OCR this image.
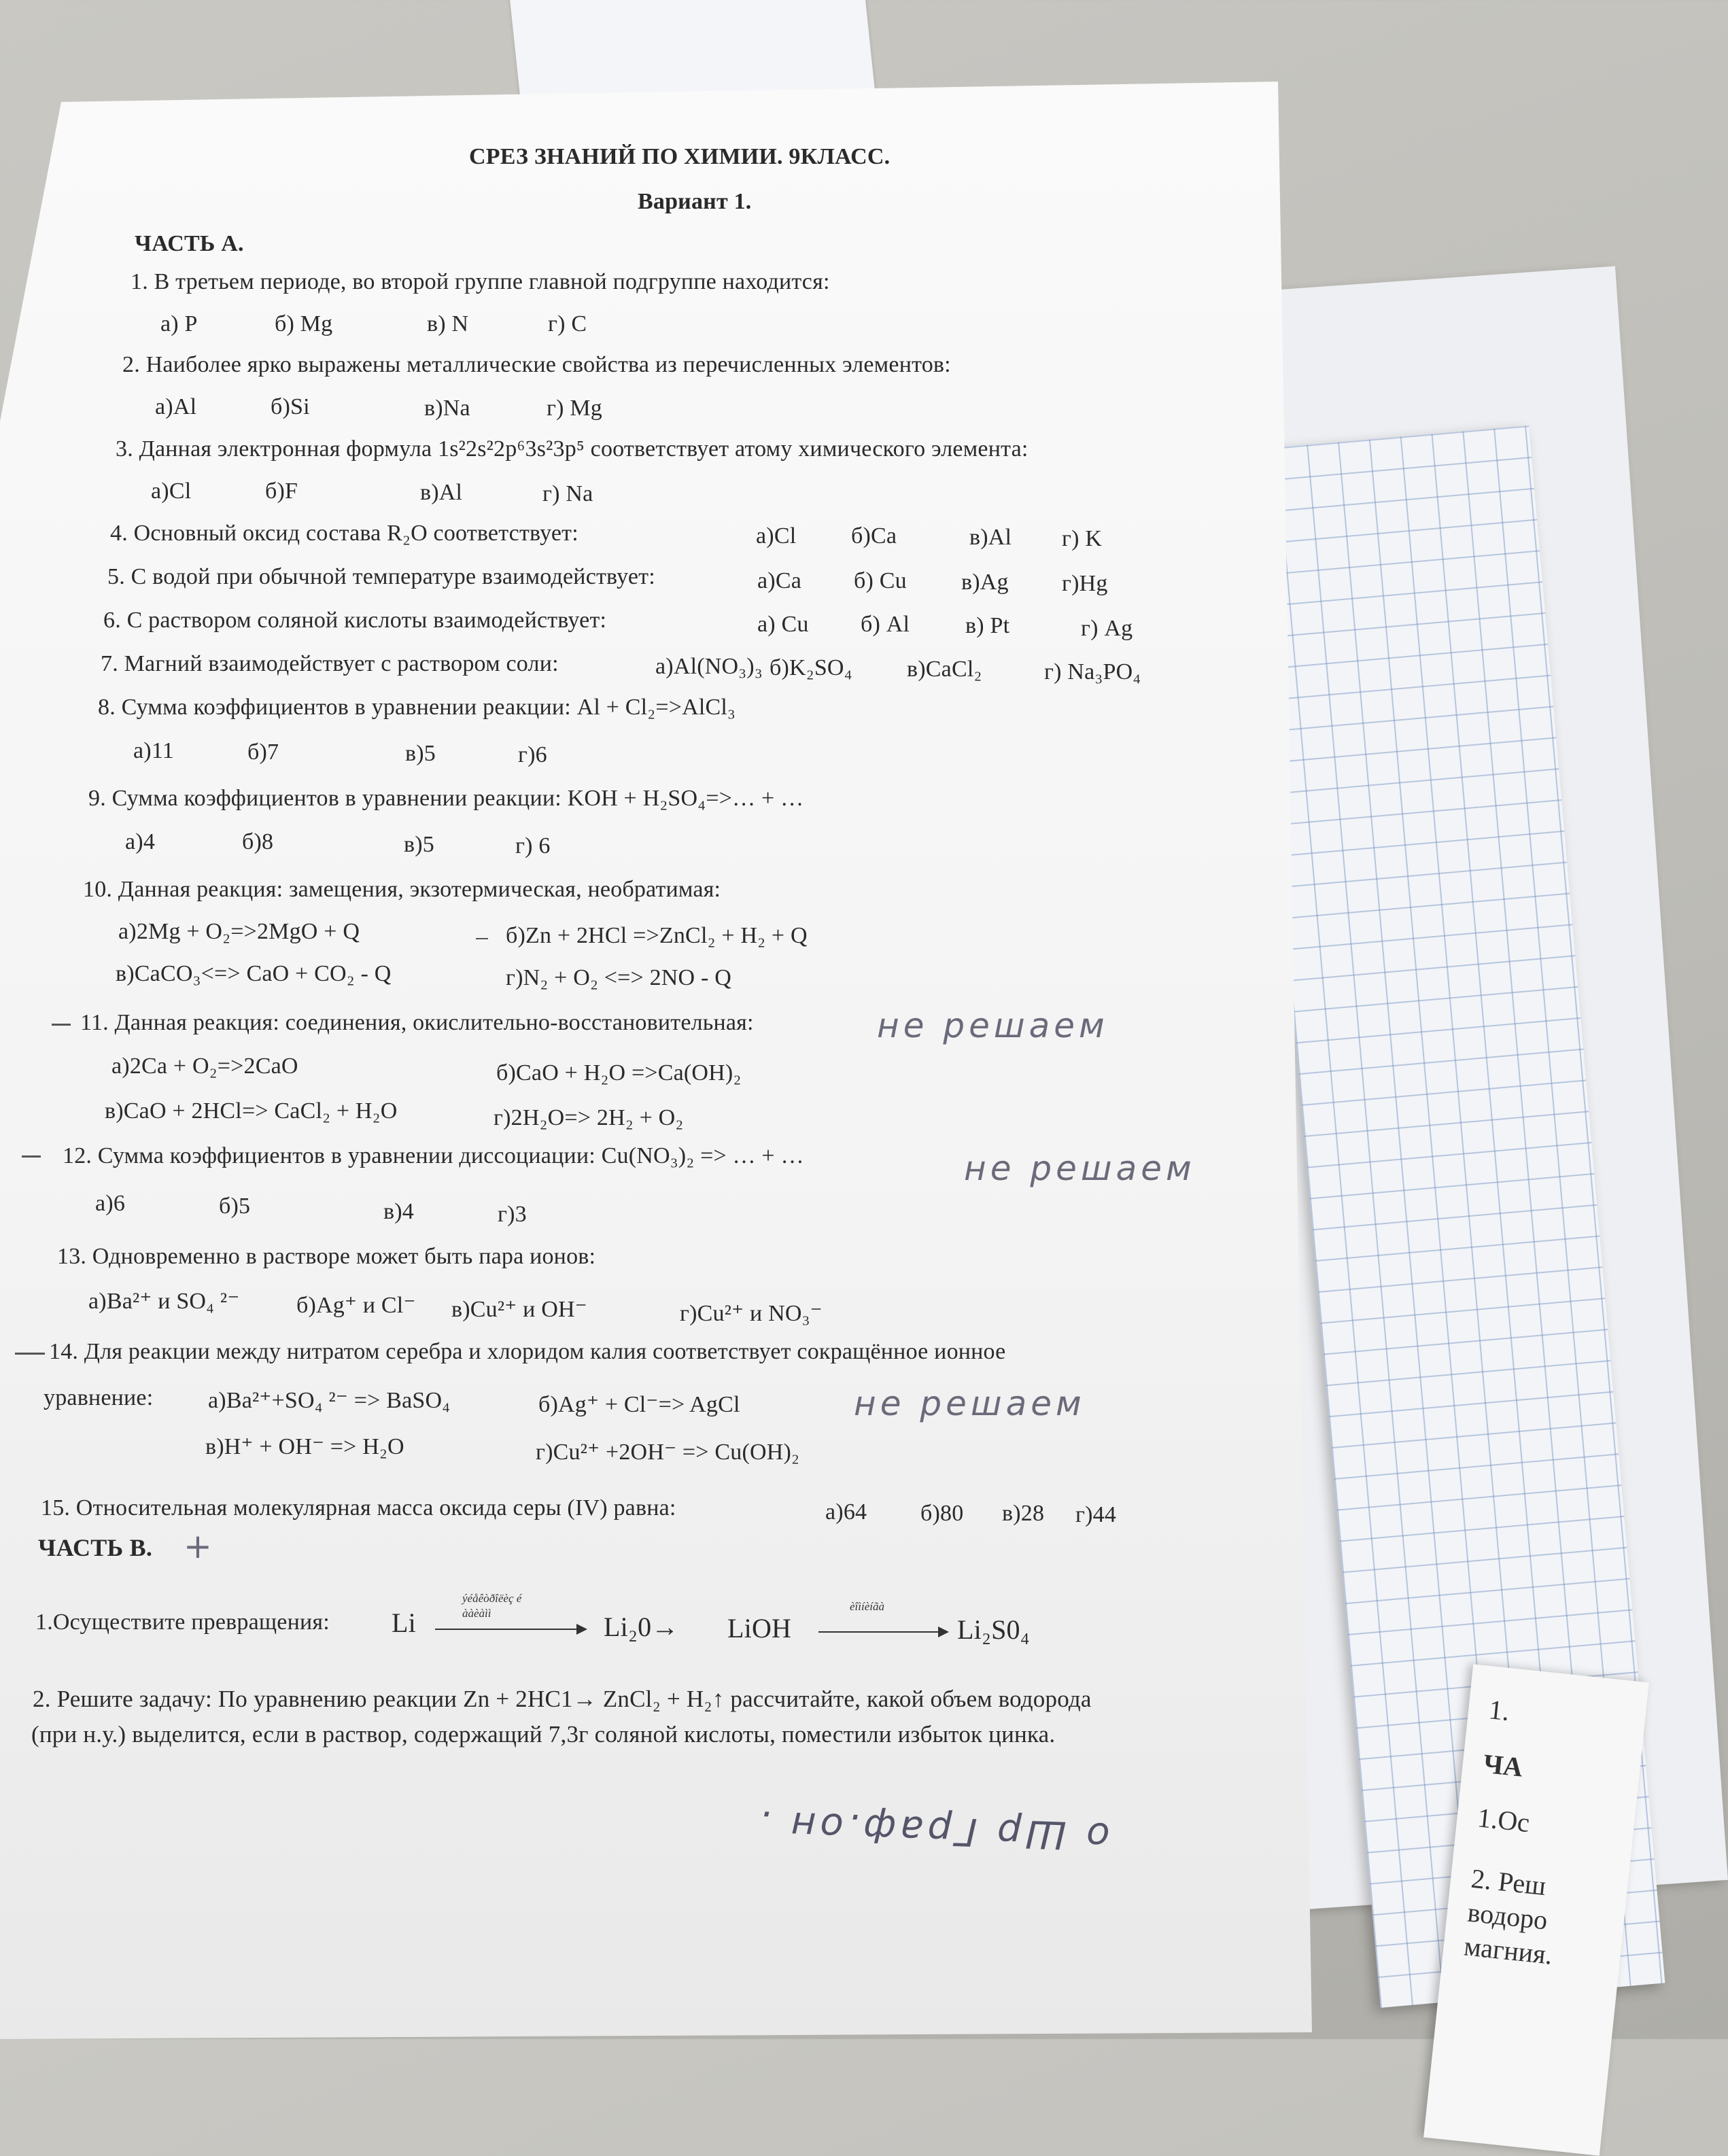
1.
ЧА
1.Ос
2. Реш
водоро
магния.
СРЕЗ ЗНАНИЙ ПО ХИМИИ. 9КЛАСС.
Вариант 1.
ЧАСТЬ А.
1. В третьем периоде, во второй группе главной подгруппе находится:
а) P	б) Mg	в) N	г) C
2. Наиболее ярко выражены металлические свойства из перечисленных элементов:
а)Al	б)Si	в)Na	г) Mg
3. Данная электронная формула 1s²2s²2p⁶3s²3p⁵ соответствует атому химического элемента:
а)Cl	б)F	в)Al	г) Na
4. Основный оксид состава R₂O соответствует:	а)Cl б)Ca	в)Al г) K
5. С водой при обычной температуре взаимодействует:	а)Ca б) Cu в)Ag г)Hg
6. С раствором соляной кислоты взаимодействует:	а) Cu б) Al в) Pt	г) Ag
7. Магний взаимодействует с раствором соли:	а)Al(NO₃)₃ б)K₂SO₄ в)CaCl₂	г) Na₃PO₄
8. Сумма коэффициентов в уравнении реакции: Al + Cl₂=>AlCl₃
а)11	б)7	в)5	г)6
9. Сумма коэффициентов в уравнении реакции: KOH + H₂SO₄=>… + …
а)4	б)8	в)5	г) 6
10. Данная реакция: замещения, экзотермическая, необратимая:
а)2Mg + O₂=>2MgO + Q	б)Zn + 2HCl =>ZnCl₂ + H₂ + Q
в)CaCO₃<=> CaO + CO₂ - Q	г)N₂ + O₂ <=> 2NO - Q
11. Данная реакция: соединения, окислительно-восстановительная:	не решаем
а)2Ca + O₂=>2CaO	б)CaO + H₂O =>Ca(OH)₂
в)CaO + 2HCl=> CaCl₂ + H₂O	г)2H₂O=> 2H₂ + O₂
12. Сумма коэффициентов в уравнении диссоциации: Cu(NO₃)₂ => … + …	не решаем
а)6	б)5	в)4	г)3
13. Одновременно в растворе может быть пара ионов:
а)Ba²⁺ и SO₄ ²⁻ б)Ag⁺ и Cl⁻ в)Cu²⁺ и OH⁻	г)Cu²⁺ и NO₃⁻
14. Для реакции между нитратом серебра и хлоридом калия соответствует сокращённое ионное
уравнение: а)Ba²⁺+SO₄ ²⁻ => BaSO₄	б)Ag⁺ + Cl⁻=> AgCl	не решаем
в)H⁺ + OH⁻ => H₂O	г)Cu²⁺ +2OH⁻ => Cu(OH)₂
15. Относительная молекулярная масса оксида серы (IV) равна:	а)64 б)80 в)28 г)44
ЧАСТЬ В. +
1.Осуществите превращения: Li
ýéåêòðîëèç é
ààèàìì	Li₂0→ LiOH
èîìíèíãà
Li₂S0₄
2. Решите задачу: По уравнению реакции Zn + 2HC1→ ZnCl₂ + H₂↑ рассчитайте, какой объем водорода
(при н.у.) выделится, если в раствор, содержащий 7,3г соляной кислоты, поместили избыток цинка.
о Шр Граф.он .
